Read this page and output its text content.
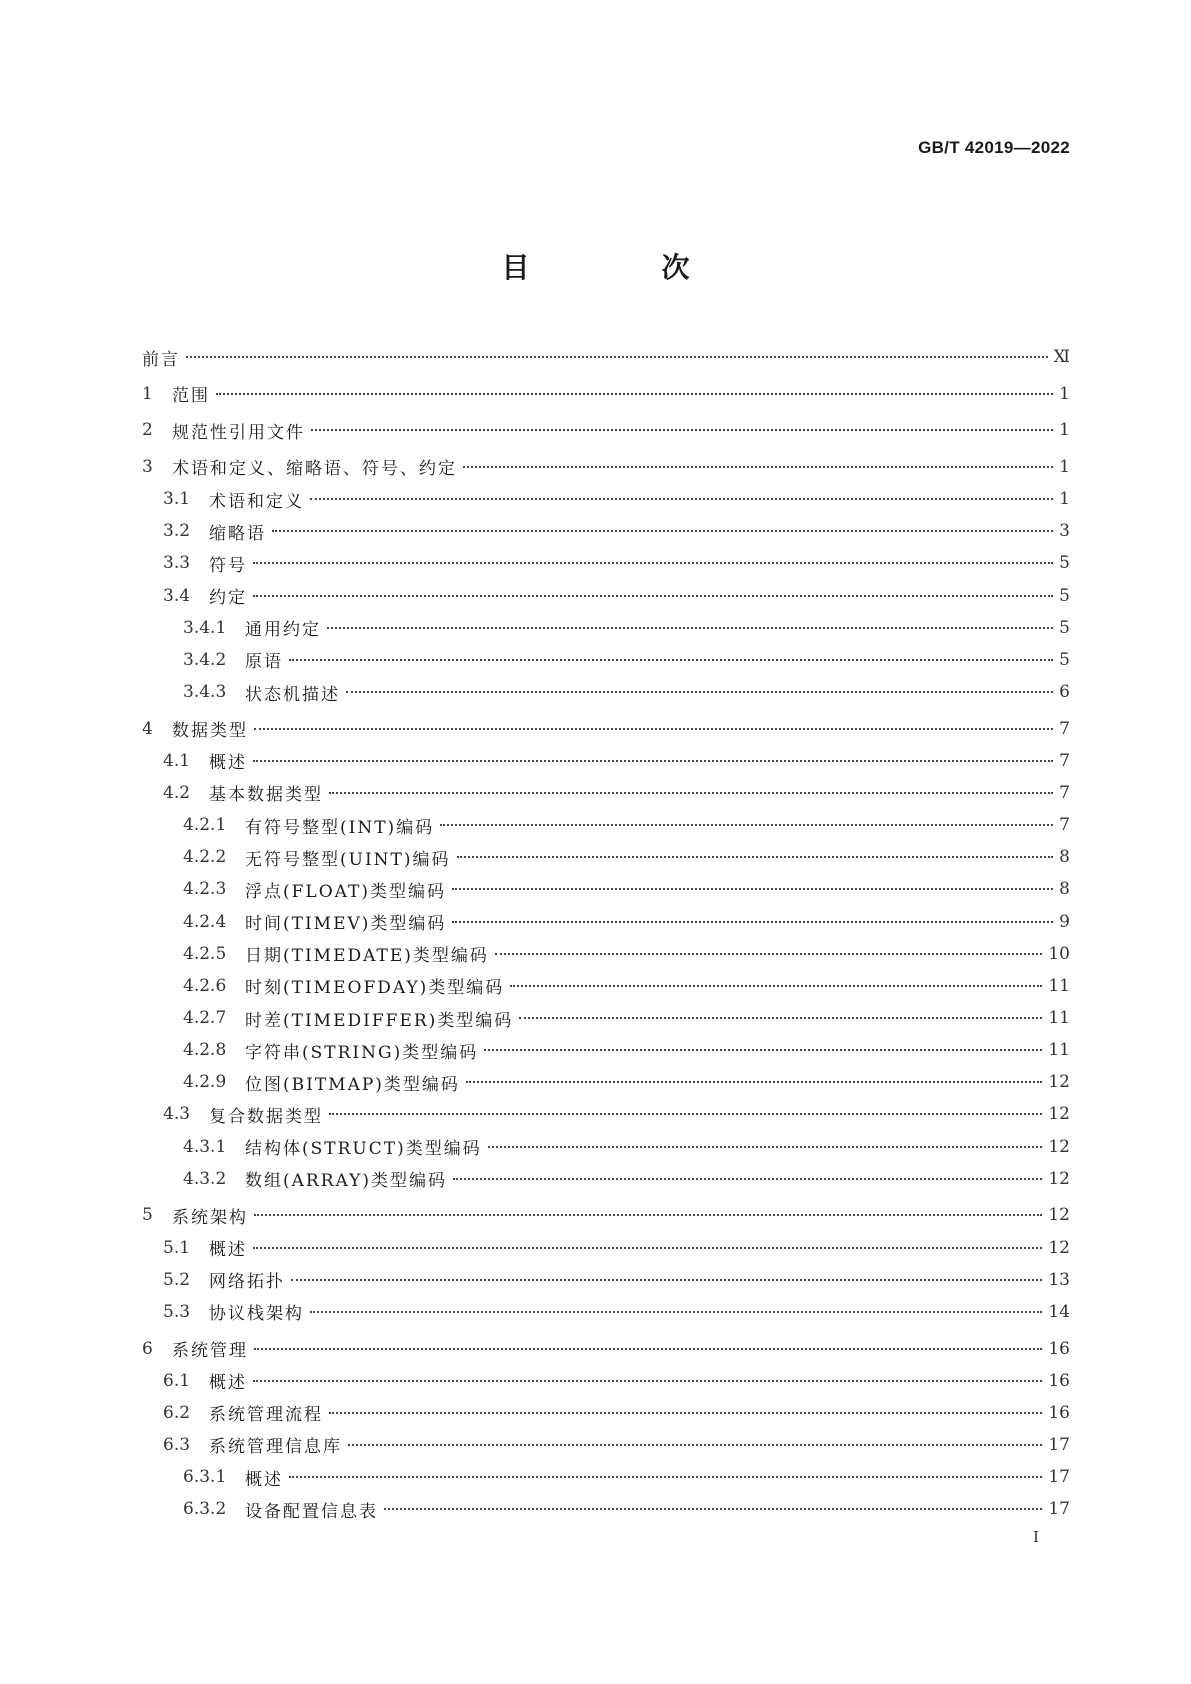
GB/T 42019—2022
目　次
前言	Ⅺ
1	范围	1
2	规范性引用文件	1
3	术语和定义、缩略语、符号、约定	1
3.1	术语和定义	1
3.2	缩略语	3
3.3	符号	5
3.4	约定	5
3.4.1	通用约定	5
3.4.2	原语	5
3.4.3	状态机描述	6
4	数据类型	7
4.1	概述	7
4.2	基本数据类型	7
4.2.1	有符号整型(INT)编码	7
4.2.2	无符号整型(UINT)编码	8
4.2.3	浮点(FLOAT)类型编码	8
4.2.4	时间(TIMEV)类型编码	9
4.2.5	日期(TIMEDATE)类型编码	10
4.2.6	时刻(TIMEOFDAY)类型编码	11
4.2.7	时差(TIMEDIFFER)类型编码	11
4.2.8	字符串(STRING)类型编码	11
4.2.9	位图(BITMAP)类型编码	12
4.3	复合数据类型	12
4.3.1	结构体(STRUCT)类型编码	12
4.3.2	数组(ARRAY)类型编码	12
5	系统架构	12
5.1	概述	12
5.2	网络拓扑	13
5.3	协议栈架构	14
6	系统管理	16
6.1	概述	16
6.2	系统管理流程	16
6.3	系统管理信息库	17
6.3.1	概述	17
6.3.2	设备配置信息表	17
Ⅰ
